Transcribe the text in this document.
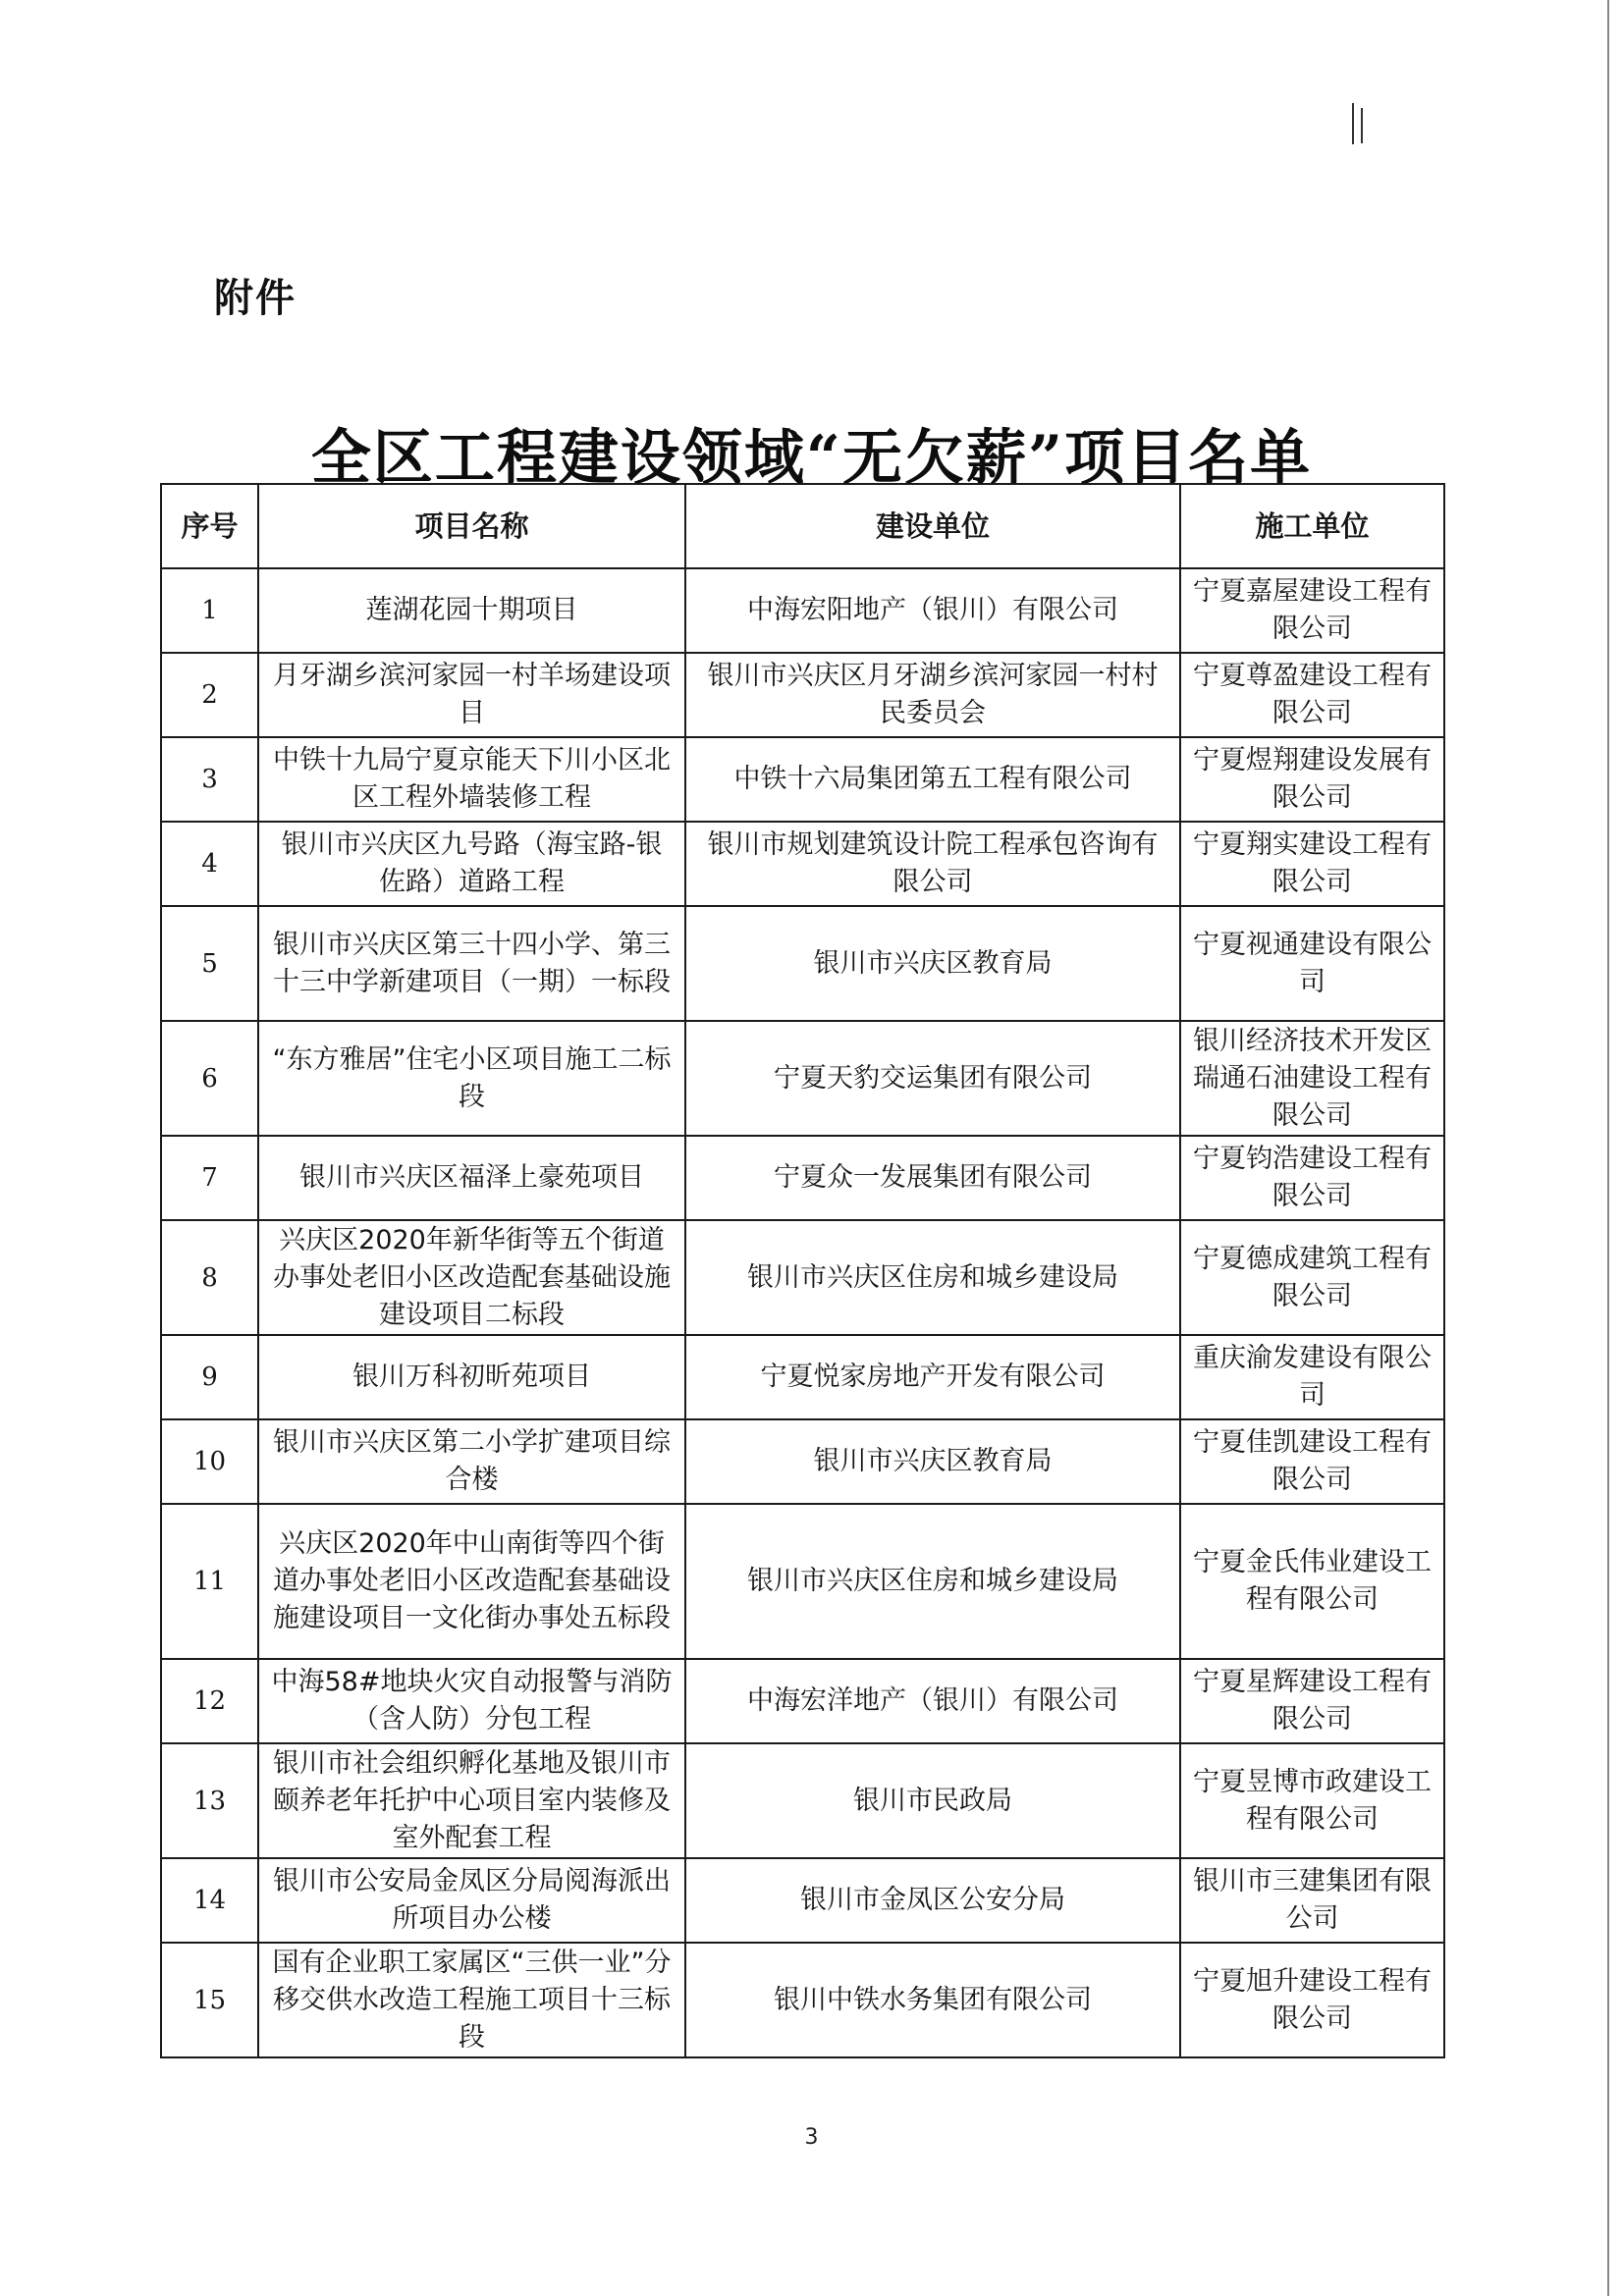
附件
全区工程建设领域“无欠薪”项目名单
序号	项目名称	建设单位	施工单位
1	莲湖花园十期项目	中海宏阳地产（银川）有限公司	宁夏嘉屋建设工程有限公司
2	月牙湖乡滨河家园一村羊场建设项目	银川市兴庆区月牙湖乡滨河家园一村村民委员会	宁夏尊盈建设工程有限公司
3	中铁十九局宁夏京能天下川小区北区工程外墙装修工程	中铁十六局集团第五工程有限公司	宁夏煜翔建设发展有限公司
4	银川市兴庆区九号路（海宝路-银佐路）道路工程	银川市规划建筑设计院工程承包咨询有限公司	宁夏翔实建设工程有限公司
5	银川市兴庆区第三十四小学、第三十三中学新建项目（一期）一标段	银川市兴庆区教育局	宁夏视通建设有限公司
6	“东方雅居”住宅小区项目施工二标段	宁夏天豹交运集团有限公司	银川经济技术开发区瑞通石油建设工程有限公司
7	银川市兴庆区福泽上豪苑项目	宁夏众一发展集团有限公司	宁夏钧浩建设工程有限公司
8	兴庆区2020年新华街等五个街道办事处老旧小区改造配套基础设施建设项目二标段	银川市兴庆区住房和城乡建设局	宁夏德成建筑工程有限公司
9	银川万科初昕苑项目	宁夏悦家房地产开发有限公司	重庆渝发建设有限公司
10	银川市兴庆区第二小学扩建项目综合楼	银川市兴庆区教育局	宁夏佳凯建设工程有限公司
11	兴庆区2020年中山南街等四个街道办事处老旧小区改造配套基础设施建设项目一文化街办事处五标段	银川市兴庆区住房和城乡建设局	宁夏金氏伟业建设工程有限公司
12	中海58#地块火灾自动报警与消防（含人防）分包工程	中海宏洋地产（银川）有限公司	宁夏星辉建设工程有限公司
13	银川市社会组织孵化基地及银川市颐养老年托护中心项目室内装修及室外配套工程	银川市民政局	宁夏昱博市政建设工程有限公司
14	银川市公安局金凤区分局阅海派出所项目办公楼	银川市金凤区公安分局	银川市三建集团有限公司
15	国有企业职工家属区“三供一业”分移交供水改造工程施工项目十三标段	银川中铁水务集团有限公司	宁夏旭升建设工程有限公司
3
